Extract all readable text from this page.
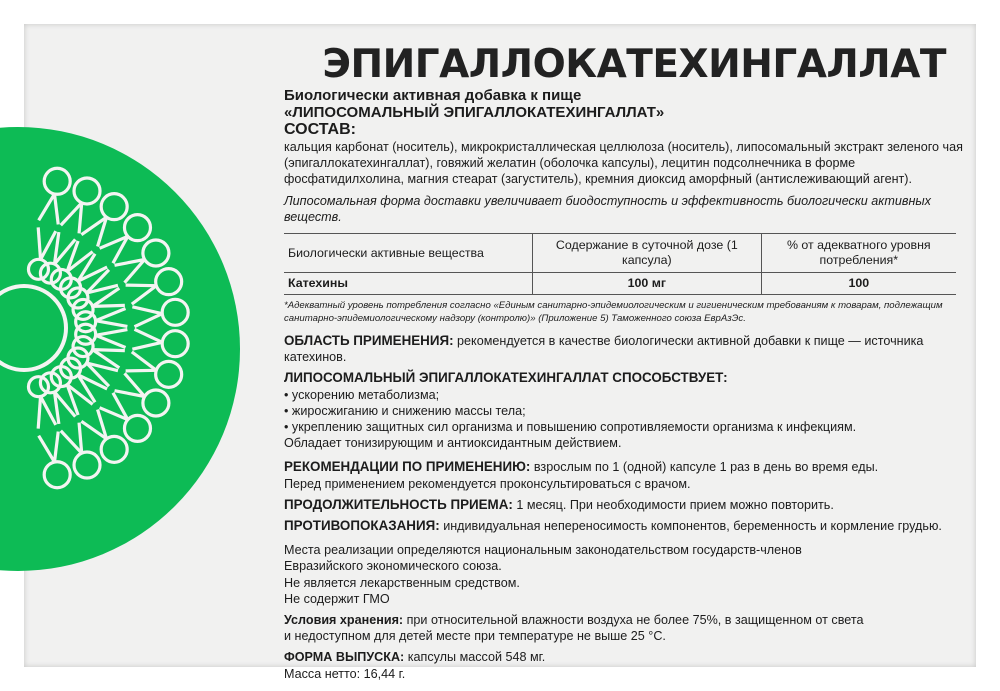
ЭПИГАЛЛОКАТЕХИНГАЛЛАТ

Биологически активная добавка к пище

«ЛИПОСОМАЛЬНЫЙ ЭПИГАЛЛОКАТЕХИНГАЛЛАТ»

СОСТАВ:

кальция карбонат (носитель), микрокристаллическая целлюлоза (носитель), липосомальный экстракт зеленого чая (эпигаллокатехингаллат), говяжий желатин (оболочка капсулы), лецитин подсолнечника в форме фосфатидилхолина, магния стеарат (загуститель), кремния диоксид аморфный (антислеживающий агент).

Липосомальная форма доставки увеличивает биодоступность и эффективность биологически активных веществ.

Биологически активные вещества	Содержание в суточной дозе (1 капсула)	% от адекватного уровня потребления*
Катехины	100 мг	100

*Адекватный уровень потребления согласно «Единым санитарно-эпидемиологическим и гигиеническим требованиям к товарам, подлежащим санитарно-эпидемиологическому надзору (контролю)» (Приложение 5) Таможенного союза ЕврАзЭс.

ОБЛАСТЬ ПРИМЕНЕНИЯ: рекомендуется в качестве биологически активной добавки к пище — источника катехинов.

ЛИПОСОМАЛЬНЫЙ ЭПИГАЛЛОКАТЕХИНГАЛЛАТ СПОСОБСТВУЕТ:

• ускорению метаболизма;
• жиросжиганию и снижению массы тела;
• укреплению защитных сил организма и повышению сопротивляемости организма к инфекциям.

Обладает тонизирующим и антиоксидантным действием.

РЕКОМЕНДАЦИИ ПО ПРИМЕНЕНИЮ: взрослым по 1 (одной) капсуле 1 раз в день во время еды.

Перед применением рекомендуется проконсультироваться с врачом.

ПРОДОЛЖИТЕЛЬНОСТЬ ПРИЕМА: 1 месяц. При необходимости прием можно повторить.

ПРОТИВОПОКАЗАНИЯ: индивидуальная непереносимость компонентов, беременность и кормление грудью.

Места реализации определяются национальным законодательством государств-членов

Евразийского экономического союза.

Не является лекарственным средством.

Не содержит ГМО

Условия хранения: при относительной влажности воздуха не более 75%, в защищенном от света

и недоступном для детей месте при температуре не выше 25 °C.

ФОРМА ВЫПУСКА: капсулы массой 548 мг.

Масса нетто: 16,44 г.
